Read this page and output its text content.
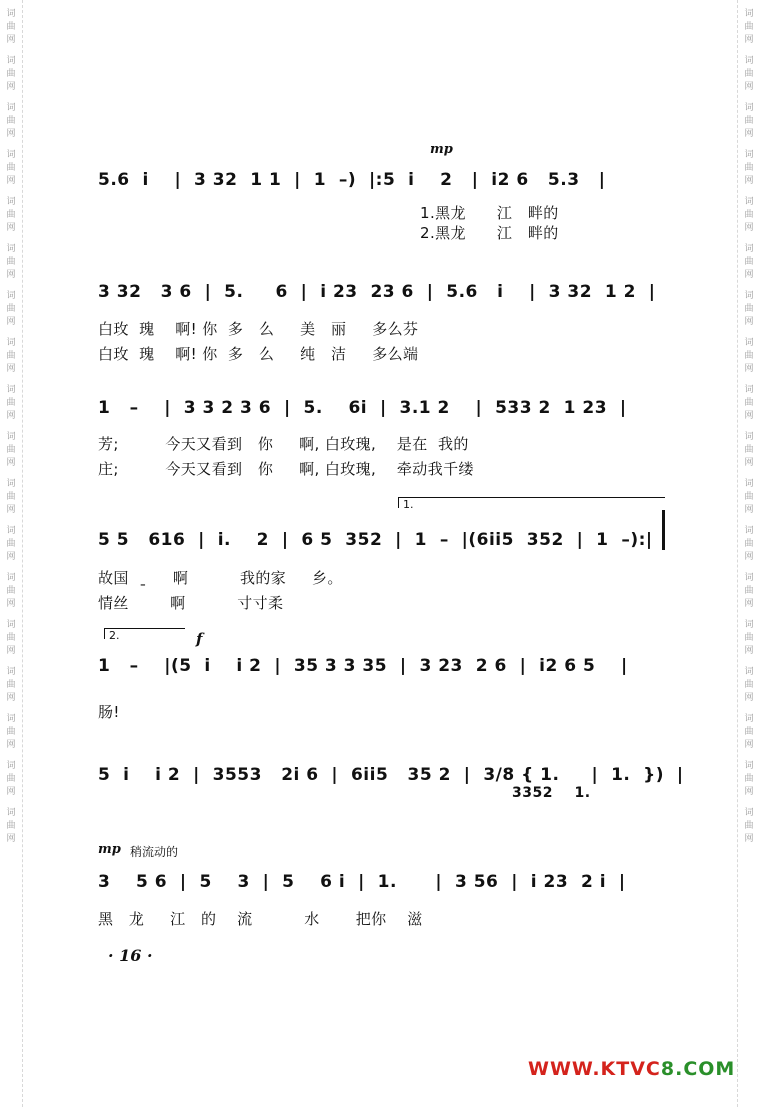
词
曲
网
词
曲
网
词
曲
网
词
曲
网
词
曲
网
词
曲
网
词
曲
网
词
曲
网
词
曲
网
词
曲
网
词
曲
网
词
曲
网
词
曲
网
词
曲
网
词
曲
网
词
曲
网
词
曲
网
词
曲
网
词
曲
网
词
曲
网
词
曲
网
词
曲
网
词
曲
网
词
曲
网
词
曲
网
词
曲
网
词
曲
网
词
曲
网
词
曲
网
词
曲
网
词
曲
网
词
曲
网
词
曲
网
词
曲
网
词
曲
网
词
曲
网
mp
5.6  i    |  3 32  1 1  |  1  –)  |:5  i    2   |  i2 6   5.3   |
1.黑龙      江   畔的
2.黑龙      江   畔的
3 32   3 6  |  5.     6  |  i 23  23 6  |  5.6   i    |  3 32  1 2  |
白玫  瑰    啊! 你  多   么     美   丽     多么芬
白玫  瑰    啊! 你  多   么     纯   洁     多么端
1   –    |  3 3 2 3 6  |  5.    6i  |  3.1 2    |  533 2  1 23  |
芳;         今天又看到   你     啊, 白玫瑰,    是在  我的
庄;         今天又看到   你     啊, 白玫瑰,    牵动我千缕
1.
5 5   616  |  i.    2  |  6 5  352  |  1  –  |(6ii5  352  |  1  –):|
故国  ˍ     啊          我的家     乡。
情丝        啊          寸寸柔
2.	f
1   –    |(5  i    i 2  |  35 3 3 35  |  3 23  2 6  |  i2 6 5    |
肠!
5  i    i 2  |  3553   2i 6  |  6ii5   35 2  |  3/8 { 1.     |  1.  })  |
3352    1.
mp 稍流动的
3    5 6  |  5    3  |  5    6 i  |  1.      |  3 56  |  i 23  2 i  |
黑   龙     江   的    流          水       把你    滋
· 16 ·
WWW.KTVC8.COM
